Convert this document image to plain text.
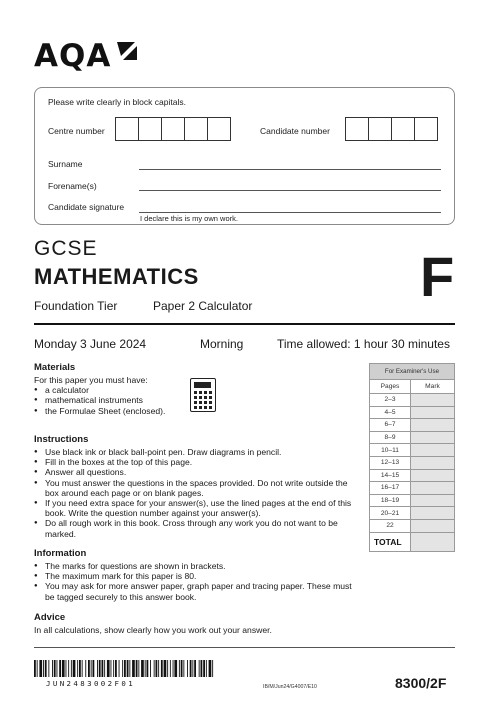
AQA
Please write clearly in block capitals.
Centre number	Candidate number
Surname
Forename(s)
Candidate signature
I declare this is my own work.
GCSE
MATHEMATICS	F
Foundation Tier	Paper 2 Calculator
Monday 3 June 2024	Morning	Time allowed: 1 hour 30 minutes
Materials
For this paper you must have:
● a calculator
● mathematical instruments
● the Formulae Sheet (enclosed).
Instructions
● Use black ink or black ball-point pen. Draw diagrams in pencil.
● Fill in the boxes at the top of this page.
● Answer all questions.
● You must answer the questions in the spaces provided. Do not write outside the box around each page or on blank pages.
● If you need extra space for your answer(s), use the lined pages at the end of this book. Write the question number against your answer(s).
● Do all rough work in this book. Cross through any work you do not want to be marked.
Information
● The marks for questions are shown in brackets.
● The maximum mark for this paper is 80.
● You may ask for more answer paper, graph paper and tracing paper. These must be tagged securely to this answer book.
Advice
In all calculations, show clearly how you work out your answer.
For Examiner's Use	
Pages	Mark
2–3	
4–5	
6–7	
8–9	
10–11	
12–13	
14–15	
16–17	
18–19	
20–21	
22	
TOTAL	
JUN2483002F01	IB/M/Jun24/G4007/E10	8300/2F
